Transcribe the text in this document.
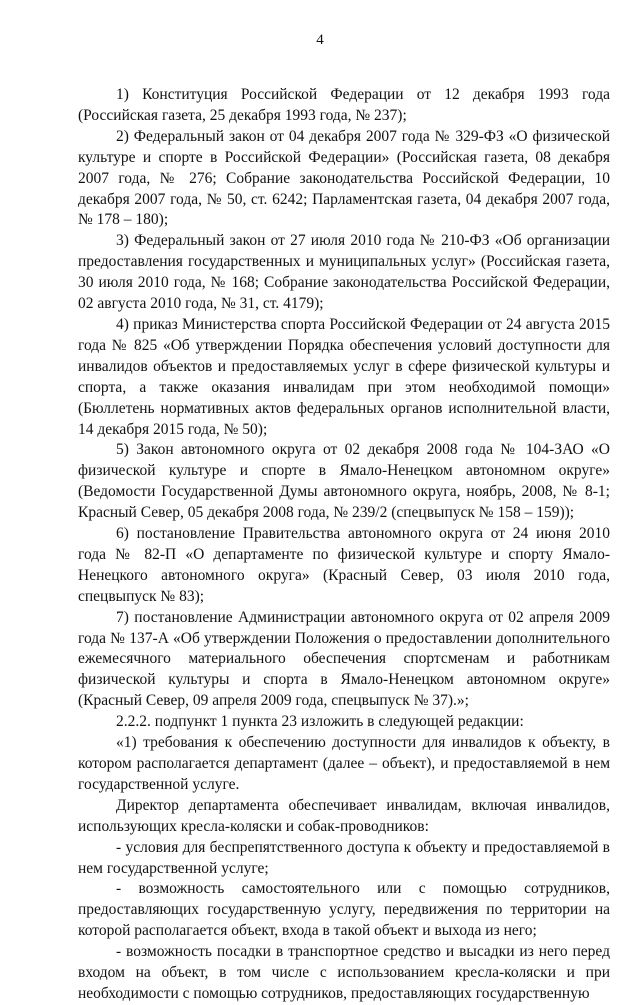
4

1) Конституция Российской Федерации от 12 декабря 1993 года (Российская газета, 25 декабря 1993 года, № 237);

2) Федеральный закон от 04 декабря 2007 года № 329-ФЗ «О физической культуре и спорте в Российской Федерации» (Российская газета, 08 декабря 2007 года, № 276; Собрание законодательства Российской Федерации, 10 декабря 2007 года, № 50, ст. 6242; Парламентская газета, 04 декабря 2007 года, № 178 – 180);

3) Федеральный закон от 27 июля 2010 года № 210-ФЗ «Об организации предоставления государственных и муниципальных услуг» (Российская газета, 30 июля 2010 года, № 168; Собрание законодательства Российской Федерации, 02 августа 2010 года, № 31, ст. 4179);

4) приказ Министерства спорта Российской Федерации от 24 августа 2015 года № 825 «Об утверждении Порядка обеспечения условий доступности для инвалидов объектов и предоставляемых услуг в сфере физической культуры и спорта, а также оказания инвалидам при этом необходимой помощи» (Бюллетень нормативных актов федеральных органов исполнительной власти, 14 декабря 2015 года, № 50);

5) Закон автономного округа от 02 декабря 2008 года № 104-ЗАО «О физической культуре и спорте в Ямало-Ненецком автономном округе» (Ведомости Государственной Думы автономного округа, ноябрь, 2008, № 8-1; Красный Север, 05 декабря 2008 года, № 239/2 (спецвыпуск № 158 – 159));

6) постановление Правительства автономного округа от 24 июня 2010 года № 82-П «О департаменте по физической культуре и спорту Ямало-Ненецкого автономного округа» (Красный Север, 03 июля 2010 года, спецвыпуск № 83);

7) постановление Администрации автономного округа от 02 апреля 2009 года № 137-А «Об утверждении Положения о предоставлении дополнительного ежемесячного материального обеспечения спортсменам и работникам физической культуры и спорта в Ямало-Ненецком автономном округе» (Красный Север, 09 апреля 2009 года, спецвыпуск № 37).»;

2.2.2. подпункт 1 пункта 23 изложить в следующей редакции:

«1) требования к обеспечению доступности для инвалидов к объекту, в котором располагается департамент (далее – объект), и предоставляемой в нем государственной услуге.

Директор департамента обеспечивает инвалидам, включая инвалидов, использующих кресла-коляски и собак-проводников:

- условия для беспрепятственного доступа к объекту и предоставляемой в нем государственной услуге;

- возможность самостоятельного или с помощью сотрудников, предоставляющих государственную услугу, передвижения по территории на которой располагается объект, входа в такой объект и выхода из него;

- возможность посадки в транспортное средство и высадки из него перед входом на объект, в том числе с использованием кресла-коляски и при необходимости с помощью сотрудников, предоставляющих государственную
